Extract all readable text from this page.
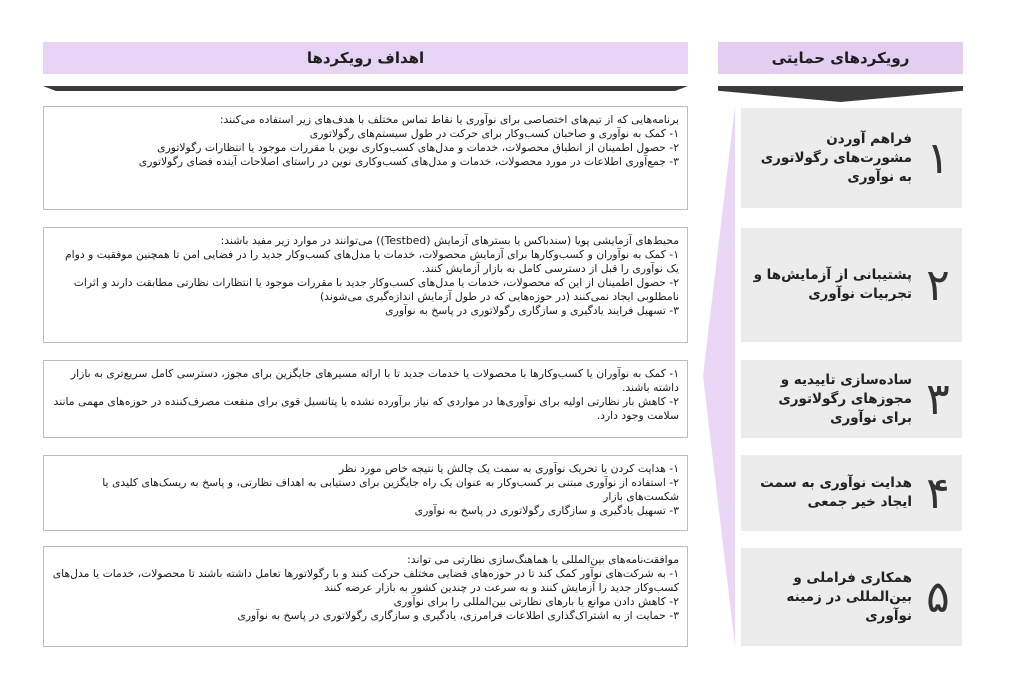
اهداف رویکردها	رویکردهای حمایتی
۱
فراهم آوردن مشورت‌های رگولاتوری به نوآوری
۲
پشتیبانی از آزمایش‌ها و تجربیات نوآوری
۳
ساده‌سازی تاییدیه و مجوزهای رگولاتوری برای نوآوری
۴
هدایت نوآوری به سمت ایجاد خیر جمعی
۵
همکاری فراملی و بین‌المللی در زمینه نوآوری
برنامه‌هایی که از تیم‌های اختصاصی برای نوآوری یا نقاط تماس مختلف با هدف‌های زیر استفاده می‌کنند:
۱- کمک به نوآوری و صاحبان کسب‌وکار برای حرکت در طول سیستم‌های رگولاتوری
۲- حصول اطمینان از انطباق محصولات، خدمات و مدل‌های کسب‌وکاری نوین با مقررات موجود یا انتظارات رگولاتوری
۳- جمع‌آوری اطلاعات در مورد محصولات، خدمات و مدل‌های کسب‌وکاری نوین در راستای اصلاحات آینده فضای رگولاتوری
محیط‌های آزمایشی پویا (سندباکس یا بسترهای آزمایش (Testbed)) می‌توانند در موارد زیر مفید باشند:
۱- کمک به نوآوران و کسب‌وکارها برای آزمایش محصولات، خدمات یا مدل‌های کسب‌وکار جدید را در فضایی امن تا همچنین موفقیت و دوام یک نوآوری را قبل از دسترسی کامل به بازار آزمایش کنند.
۲- حصول اطمینان از این که محصولات، خدمات یا مدل‌های کسب‌وکار جدید با مقررات موجود یا انتظارات نظارتی مطابقت دارند و اثرات نامطلوبی ایجاد نمی‌کنند (در حوزه‌هایی که در طول آزمایش اندازه‌گیری می‌شوند)
۳- تسهیل فرایند یادگیری و سازگاری رگولاتوری در پاسخ به نوآوری
۱- کمک به نوآوران یا کسب‌وکارها با محصولات یا خدمات جدید تا با ارائه مسیرهای جایگزین برای مجوز، دسترسی کامل سریع‌تری به بازار داشته باشند.
۲- کاهش بار نظارتی اولیه برای نوآوری‌ها در مواردی که نیاز برآورده نشده یا پتانسیل قوی برای منفعت مصرف‌کننده در حوزه‌های مهمی مانند سلامت وجود دارد.
۱- هدایت کردن یا تحریک نوآوری به سمت یک چالش یا نتیجه خاص مورد نظر
۲- استفاده از نوآوری مبتنی بر کسب‌وکار به عنوان یک راه جایگزین برای دستیابی به اهداف نظارتی، و پاسخ به ریسک‌های کلیدی یا شکست‌های بازار
۳- تسهیل یادگیری و سازگاری رگولاتوری در پاسخ به نوآوری
موافقت‌نامه‌های بین‌المللی یا هماهنگ‌سازی نظارتی می تواند:
۱- به شرکت‌های نوآور کمک کند تا در حوزه‌های قضایی مختلف حرکت کنند و با رگولاتورها تعامل داشته باشند تا محصولات، خدمات یا مدل‌های کسب‌وکار جدید را آزمایش کنند و به سرعت در چندین کشور به بازار عرضه کنند
۲- کاهش دادن موانع یا بارهای نظارتی بین‌المللی را برای نوآوری
۳- حمایت از به اشتراک‌گذاری اطلاعات فرامرزی، یادگیری و سازگاری رگولاتوری در پاسخ به نوآوری
